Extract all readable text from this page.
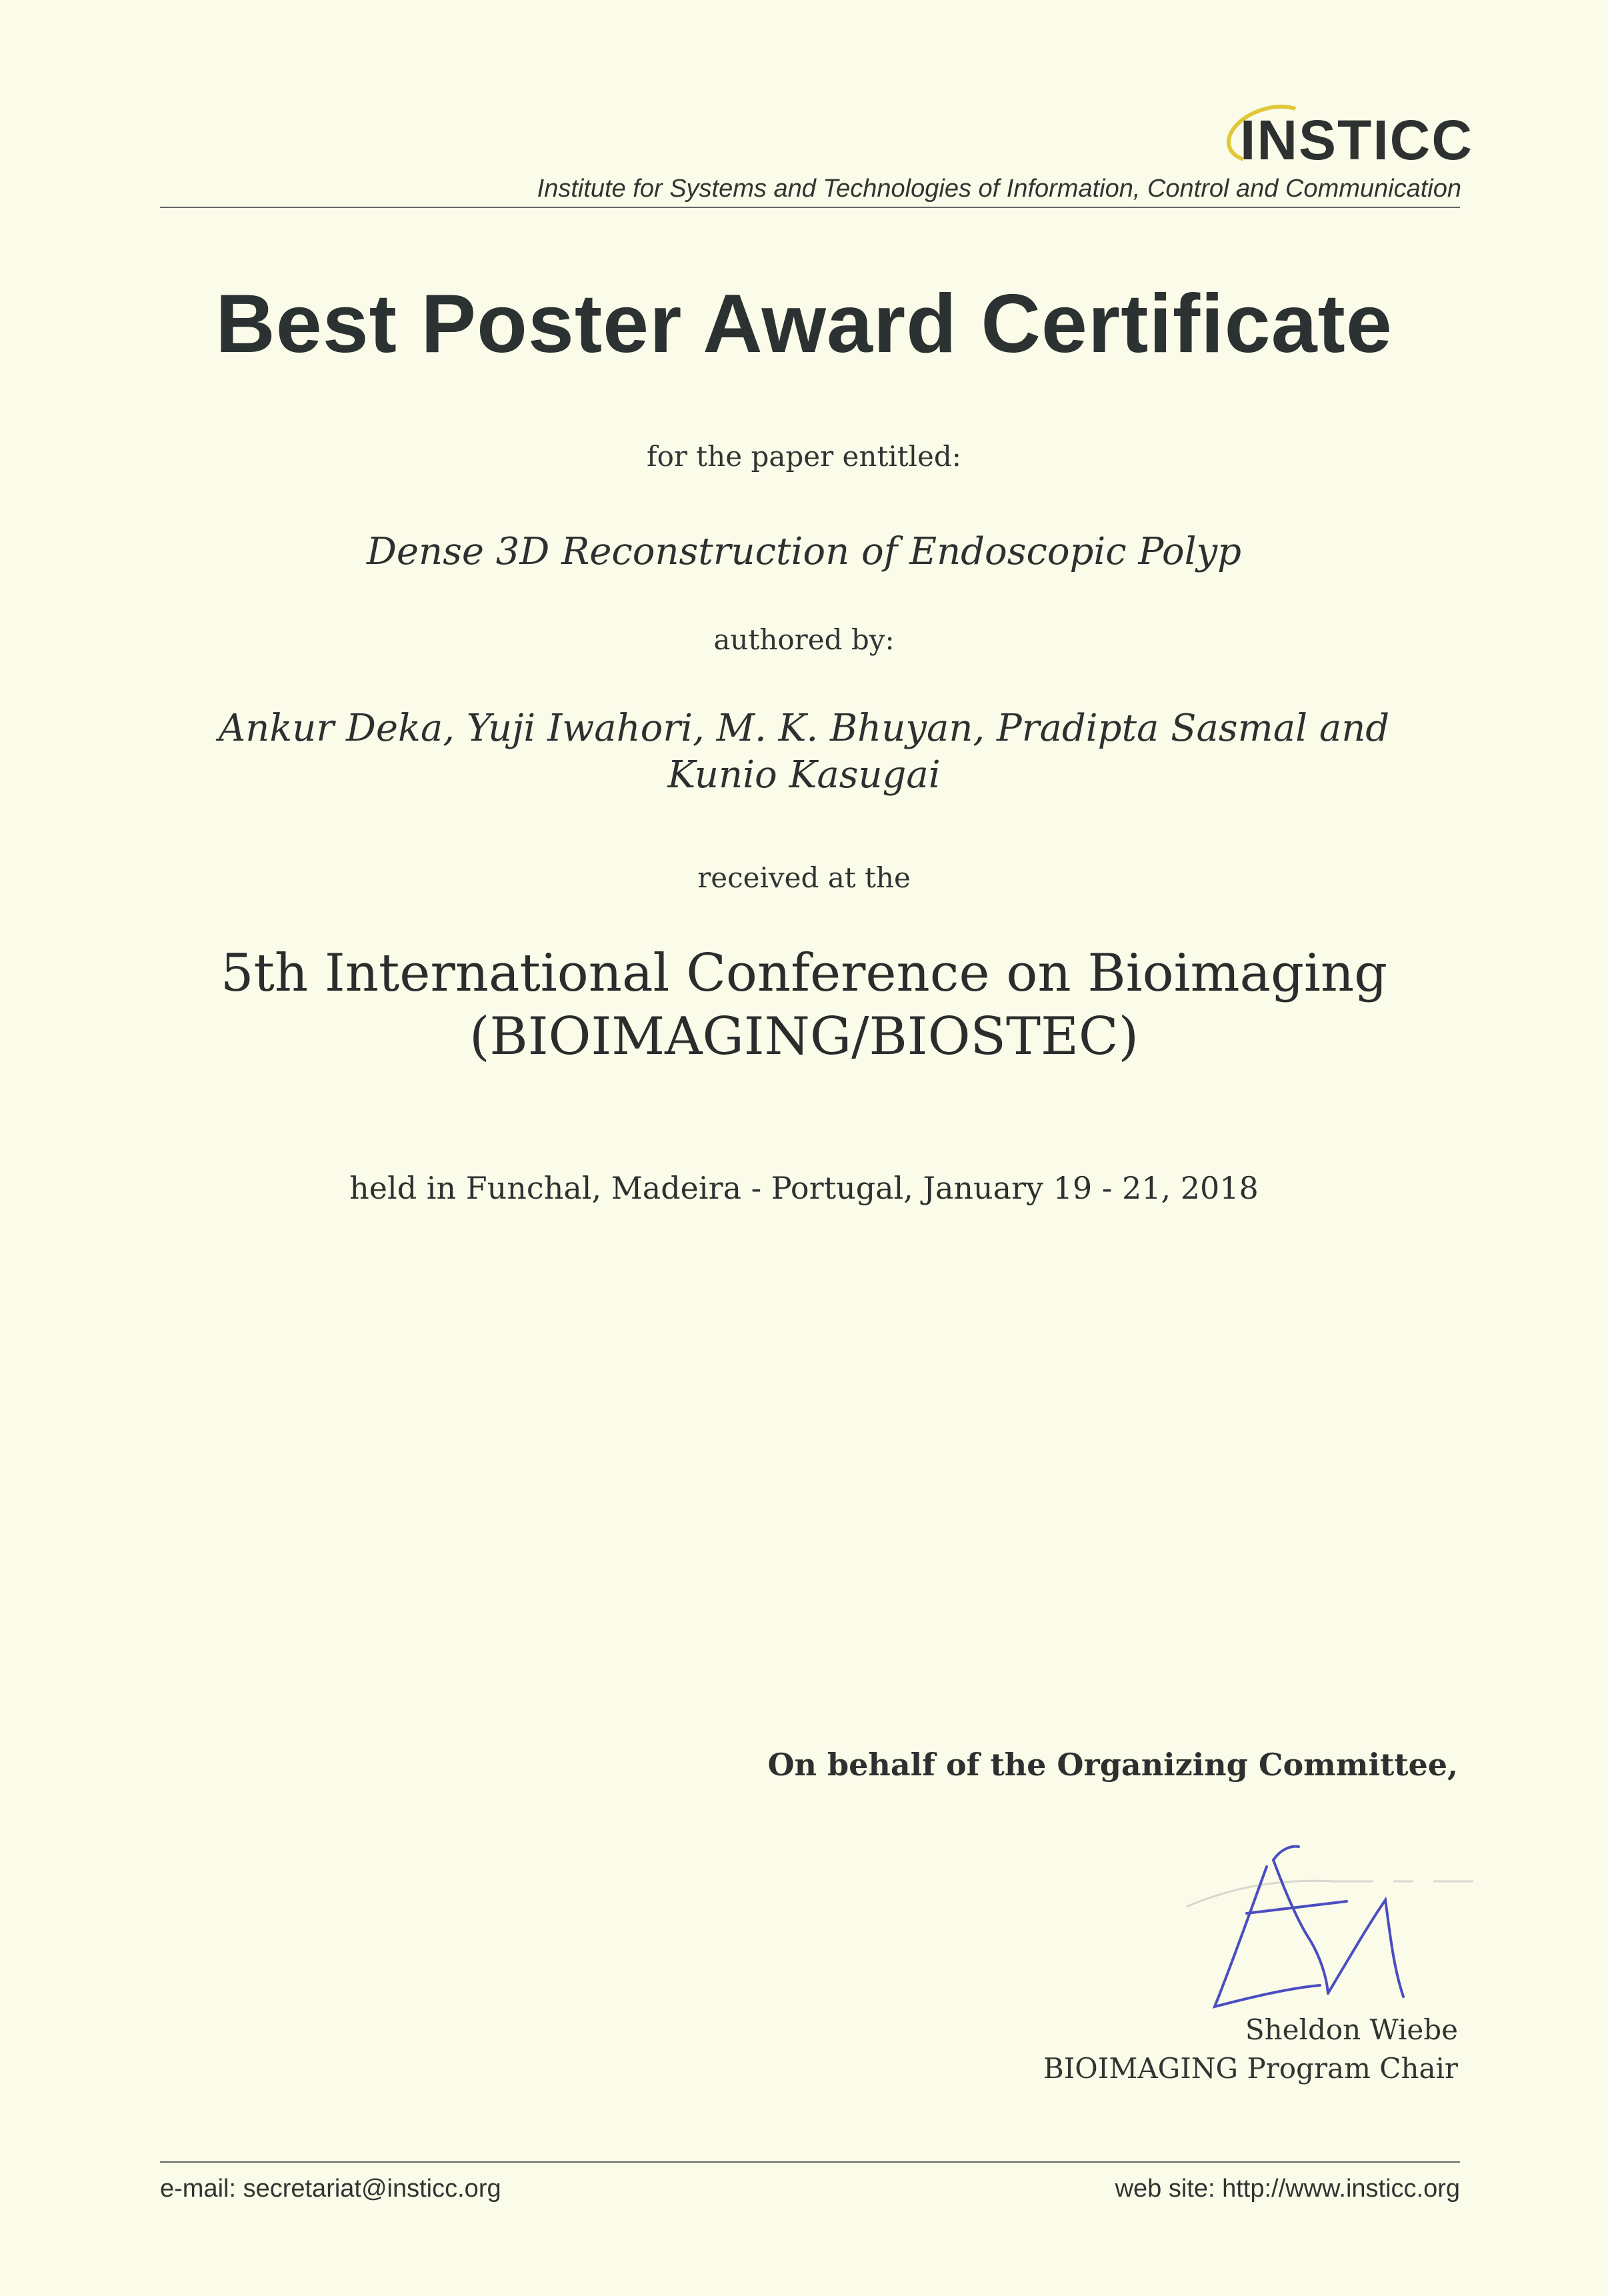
INSTICC
Institute for Systems and Technologies of Information, Control and Communication
Best Poster Award Certificate
for the paper entitled:
Dense 3D Reconstruction of Endoscopic Polyp
authored by:
Ankur Deka, Yuji Iwahori, M. K. Bhuyan, Pradipta Sasmal and
Kunio Kasugai
received at the
5th International Conference on Bioimaging
(BIOIMAGING/BIOSTEC)
held in Funchal, Madeira - Portugal, January 19 - 21, 2018
On behalf of the Organizing Committee,
Sheldon Wiebe
BIOIMAGING Program Chair
e-mail: secretariat@insticc.org	web site: http://www.insticc.org
